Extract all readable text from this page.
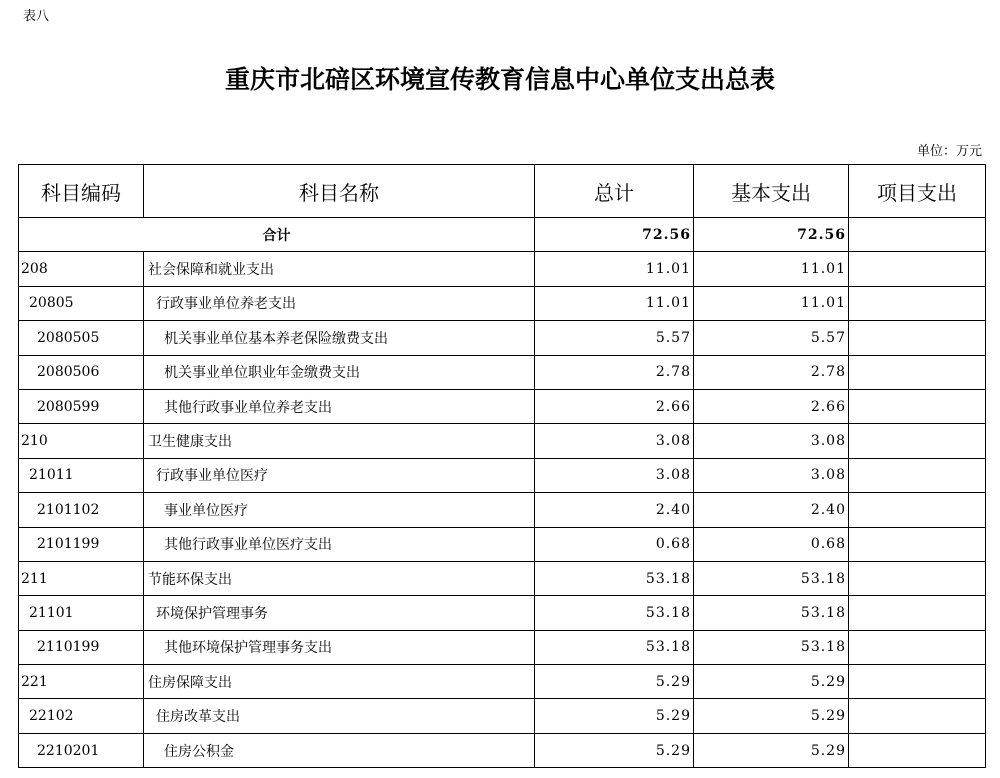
表八
重庆市北碚区环境宣传教育信息中心单位支出总表
单位：万元
科目编码	科目名称	总计	基本支出	项目支出
合计		72.56	72.56	
208	社会保障和就业支出	11.01	11.01	
20805	行政事业单位养老支出	11.01	11.01	
2080505	机关事业单位基本养老保险缴费支出	5.57	5.57	
2080506	机关事业单位职业年金缴费支出	2.78	2.78	
2080599	其他行政事业单位养老支出	2.66	2.66	
210	卫生健康支出	3.08	3.08	
21011	行政事业单位医疗	3.08	3.08	
2101102	事业单位医疗	2.40	2.40	
2101199	其他行政事业单位医疗支出	0.68	0.68	
211	节能环保支出	53.18	53.18	
21101	环境保护管理事务	53.18	53.18	
2110199	其他环境保护管理事务支出	53.18	53.18	
221	住房保障支出	5.29	5.29	
22102	住房改革支出	5.29	5.29	
2210201	住房公积金	5.29	5.29	
